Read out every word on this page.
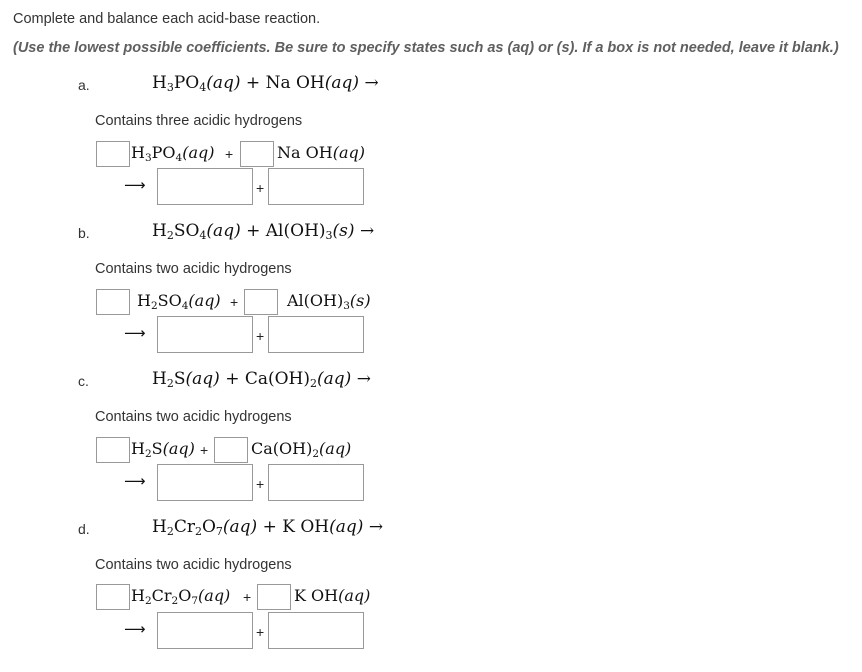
Complete and balance each acid-base reaction.
(Use the lowest possible coefficients. Be sure to specify states such as (aq) or (s). If a box is not needed, leave it blank.)
a.	$H_3PO_4(aq) + Na$ OH(aq) →
Contains three acidic hydrogens
$H_3PO_4(aq)$ +	Na OH(aq)
⟶	+
b.	$H_2SO_4(aq) + Al(OH)_3(s)$ →
Contains two acidic hydrogens
$H_2SO_4(aq)$ +	$Al(OH)_3(s)$
⟶	+
c.	$H_2S(aq) + Ca(OH)_2(aq)$ →
Contains two acidic hydrogens
$H_2S(aq)$ +	$Ca(OH)_2(aq)$
⟶	+
d.	$H_2Cr_2O_7(aq) + K$ OH(aq) →
Contains two acidic hydrogens
$H_2Cr_2O_7(aq)$ +	K OH(aq)
⟶	+
